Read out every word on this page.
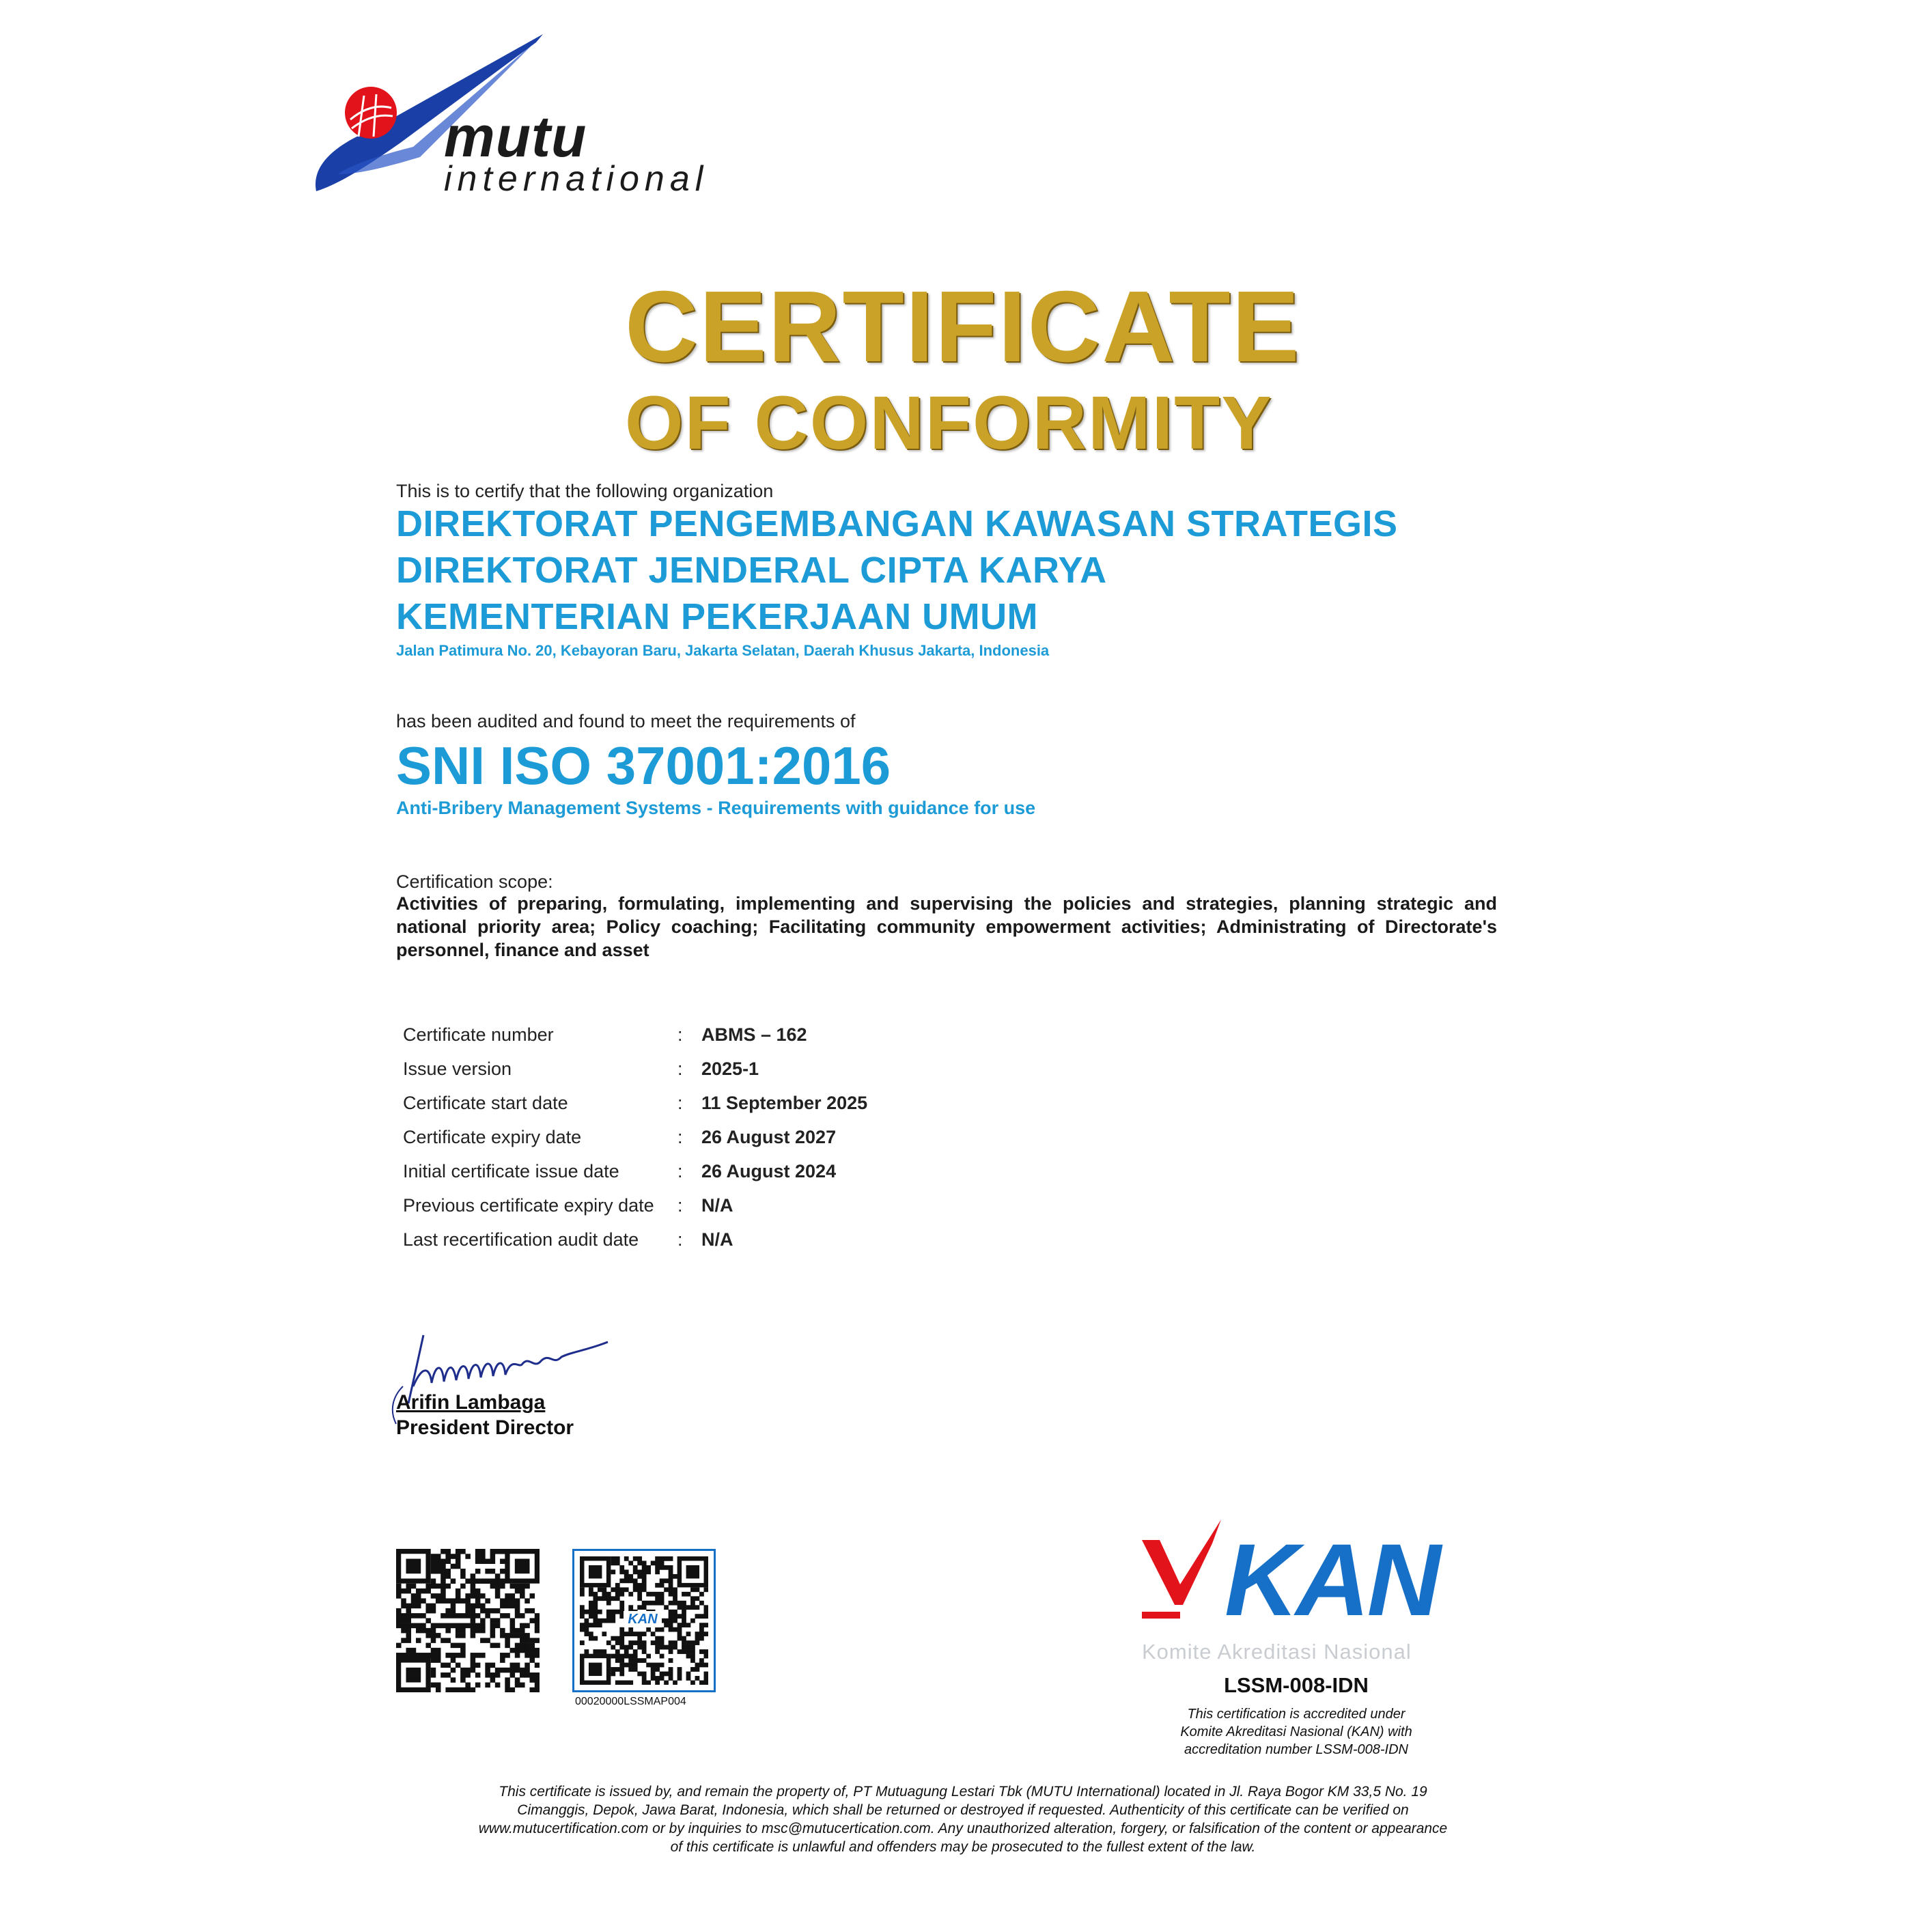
mutu
international
CERTIFICATE
OF CONFORMITY
This is to certify that the following organization
DIREKTORAT PENGEMBANGAN KAWASAN STRATEGIS
DIREKTORAT JENDERAL CIPTA KARYA
KEMENTERIAN PEKERJAAN UMUM
Jalan Patimura No. 20, Kebayoran Baru, Jakarta Selatan, Daerah Khusus Jakarta, Indonesia
has been audited and found to meet the requirements of
SNI ISO 37001:2016
Anti-Bribery Management Systems - Requirements with guidance for use
Certification scope:
Activities of preparing, formulating, implementing and supervising the policies and strategies, planning strategic and national priority area; Policy coaching; Facilitating community empowerment activities; Administrating of Directorate's personnel, finance and asset
Certificate number	: ABMS – 162
Issue version	: 2025-1
Certificate start date	: 11 September 2025
Certificate expiry date	: 26 August 2027
Initial certificate issue date	: 26 August 2024
Previous certificate expiry date : N/A
Last recertification audit date : N/A
Arifin Lambaga
President Director
KAN
00020000LSSMAP004
KAN
Komite Akreditasi Nasional
LSSM-008-IDN
This certification is accredited under
Komite Akreditasi Nasional (KAN) with
accreditation number LSSM-008-IDN
This certificate is issued by, and remain the property of, PT Mutuagung Lestari Tbk (MUTU International) located in Jl. Raya Bogor KM 33,5 No. 19
Cimanggis, Depok, Jawa Barat, Indonesia, which shall be returned or destroyed if requested. Authenticity of this certificate can be verified on
www.mutucertification.com or by inquiries to msc@mutucertication.com. Any unauthorized alteration, forgery, or falsification of the content or appearance
of this certificate is unlawful and offenders may be prosecuted to the fullest extent of the law.
